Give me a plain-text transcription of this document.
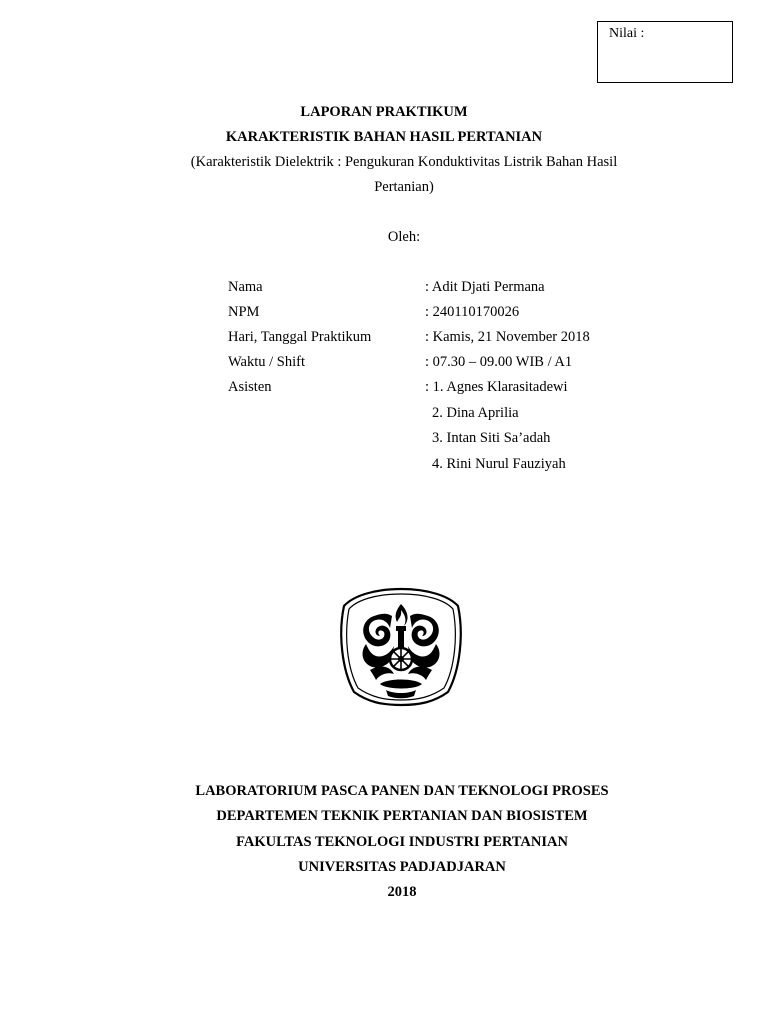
Nilai :
LAPORAN PRAKTIKUM
KARAKTERISTIK BAHAN HASIL PERTANIAN
(Karakteristik Dielektrik : Pengukuran Konduktivitas Listrik Bahan Hasil
Pertanian)
Oleh:
Nama	: Adit Djati Permana
NPM	: 240110170026
Hari, Tanggal Praktikum	: Kamis, 21 November 2018
Waktu / Shift	: 07.30 – 09.00 WIB / A1
Asisten	: 1. Agnes Klarasitadewi
2. Dina Aprilia
3. Intan Siti Sa’adah
4. Rini Nurul Fauziyah
LABORATORIUM PASCA PANEN DAN TEKNOLOGI PROSES
DEPARTEMEN TEKNIK PERTANIAN DAN BIOSISTEM
FAKULTAS TEKNOLOGI INDUSTRI PERTANIAN
UNIVERSITAS PADJADJARAN
2018
